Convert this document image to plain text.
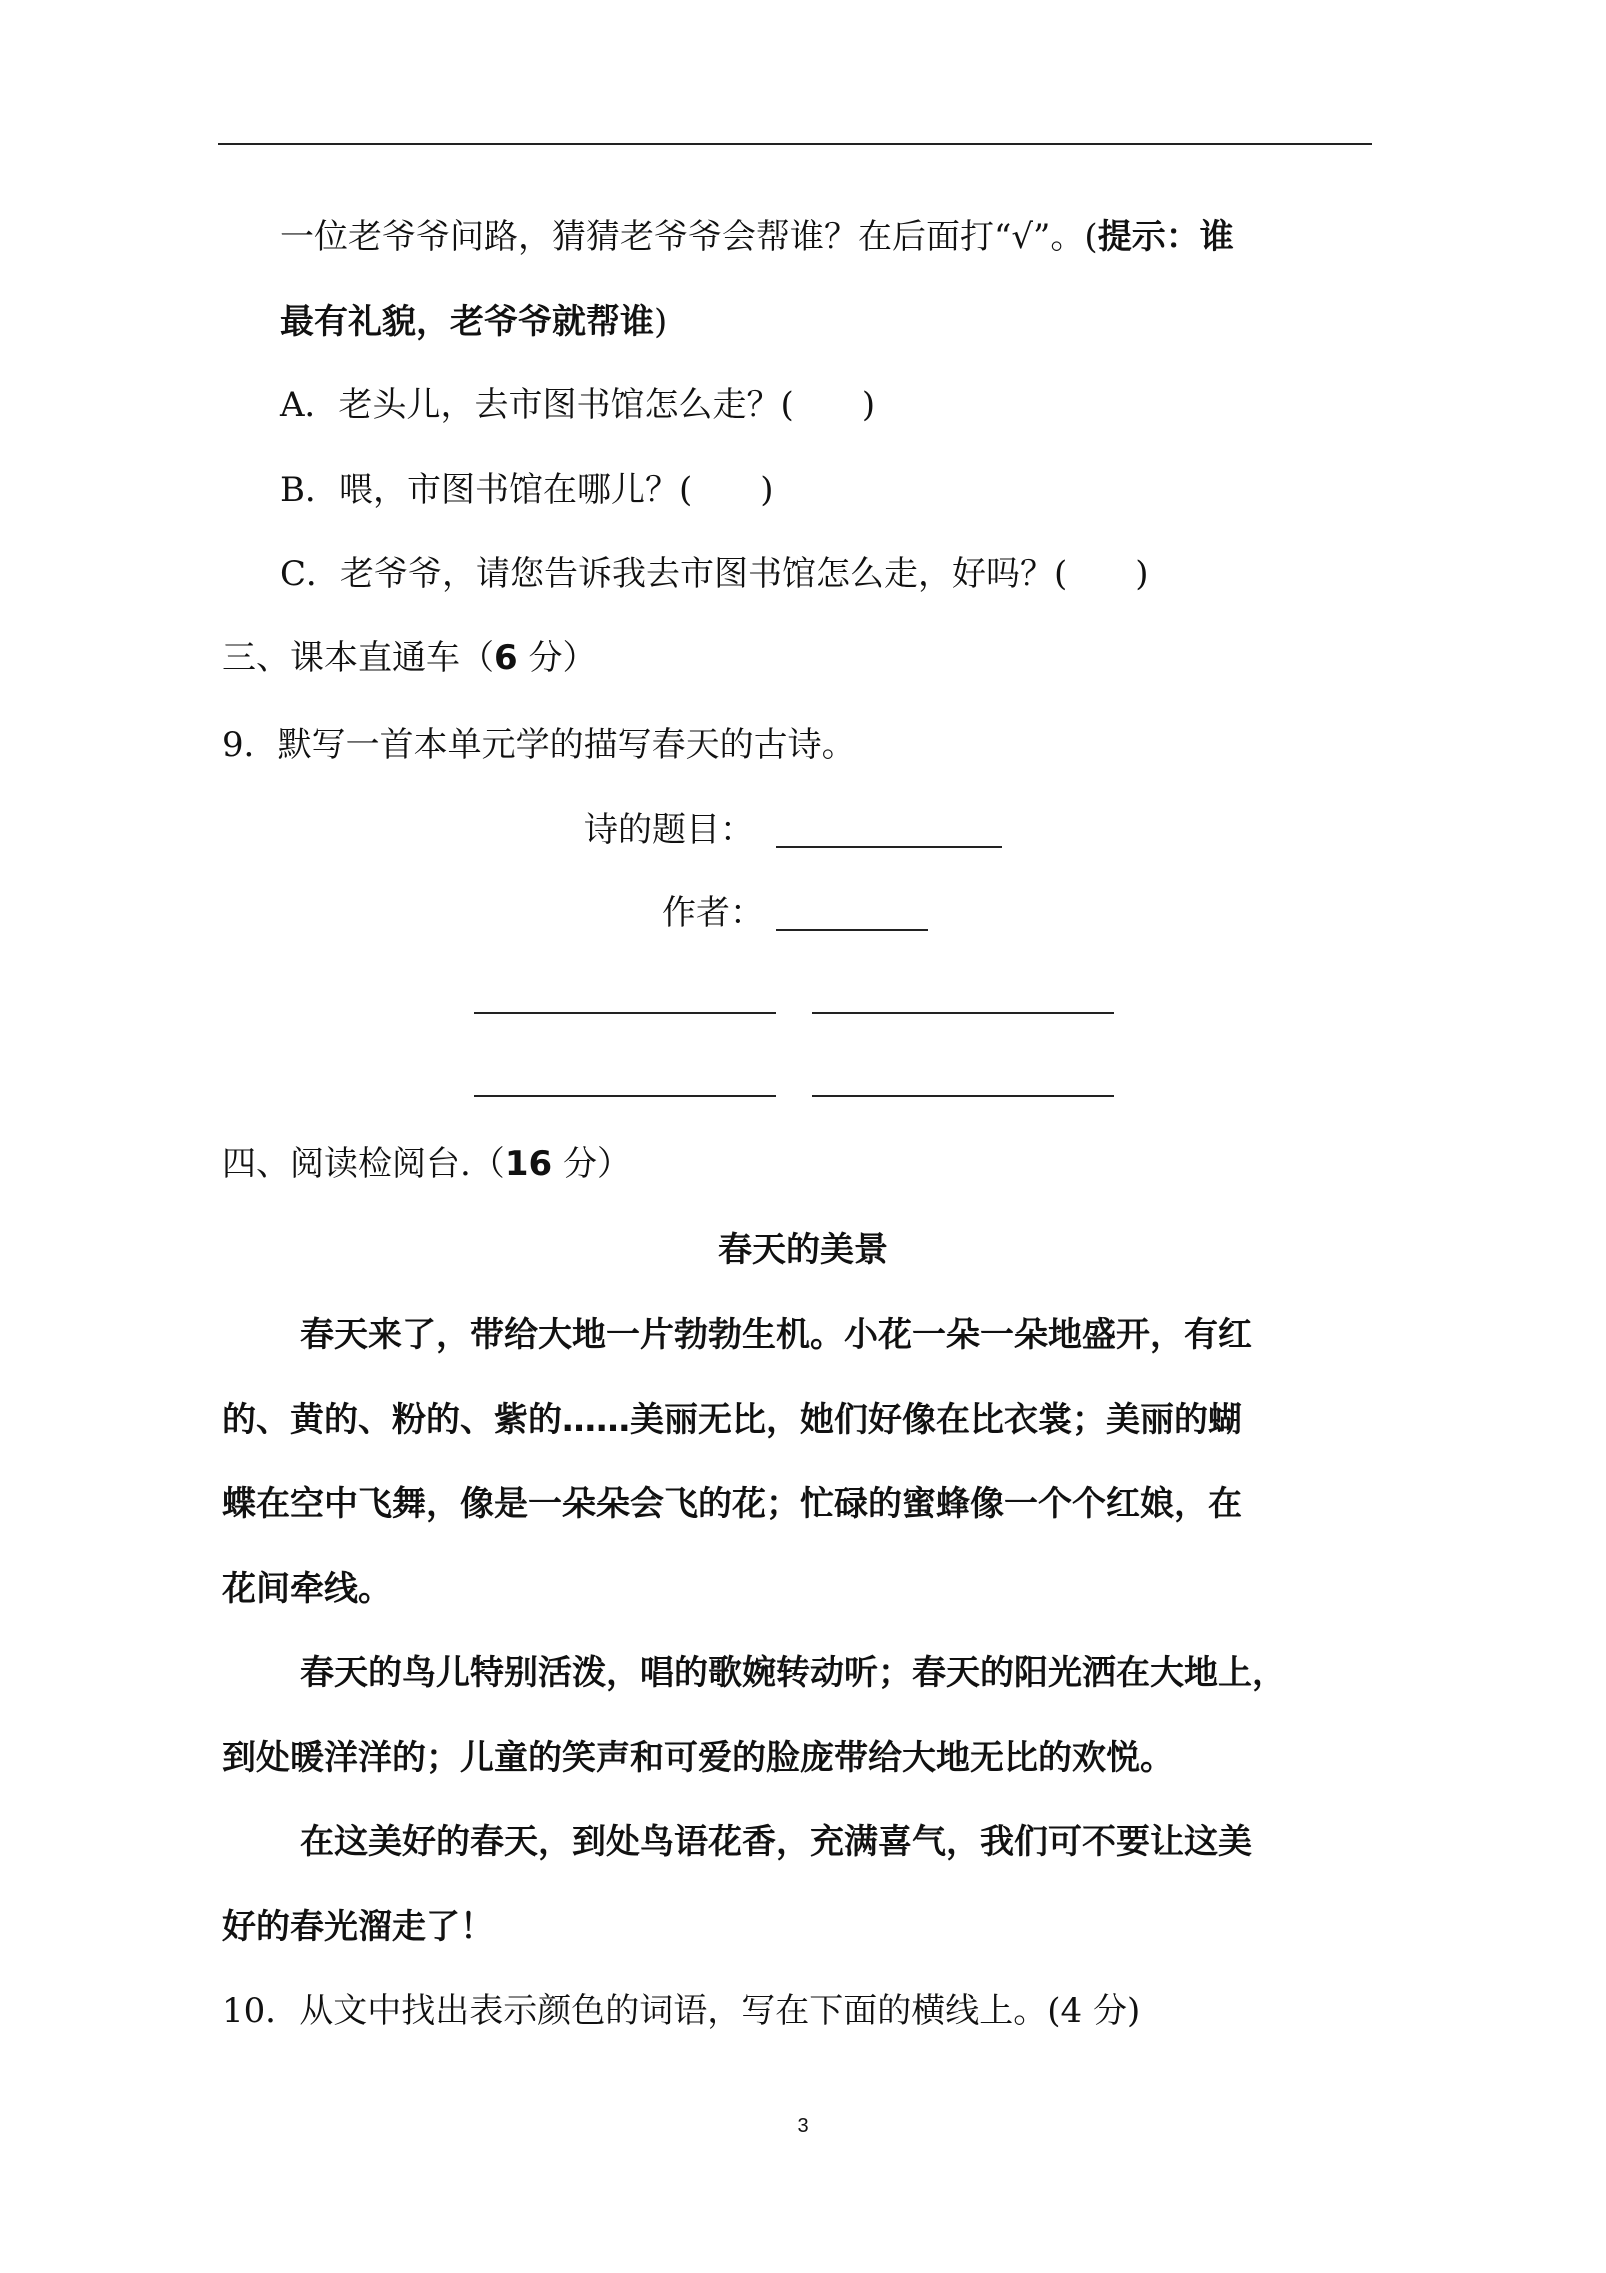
一位老爷爷问路，猜猜老爷爷会帮谁？在后面打“√”。(提示：谁
最有礼貌，老爷爷就帮谁)
A．老头儿，去市图书馆怎么走？(　　)
B．喂，市图书馆在哪儿？(　　)
C．老爷爷，请您告诉我去市图书馆怎么走，好吗？(　　)
三、课本直通车（6 分）
9．默写一首本单元学的描写春天的古诗。
诗的题目：
作者：
四、阅读检阅台.（16 分）
春天的美景
春天来了，带给大地一片勃勃生机。小花一朵一朵地盛开，有红
的、黄的、粉的、紫的……美丽无比，她们好像在比衣裳；美丽的蝴
蝶在空中飞舞，像是一朵朵会飞的花；忙碌的蜜蜂像一个个红娘，在
花间牵线。
春天的鸟儿特别活泼，唱的歌婉转动听；春天的阳光洒在大地上，
到处暖洋洋的；儿童的笑声和可爱的脸庞带给大地无比的欢悦。
在这美好的春天，到处鸟语花香，充满喜气，我们可不要让这美
好的春光溜走了！
10．从文中找出表示颜色的词语，写在下面的横线上。(4 分)
3
